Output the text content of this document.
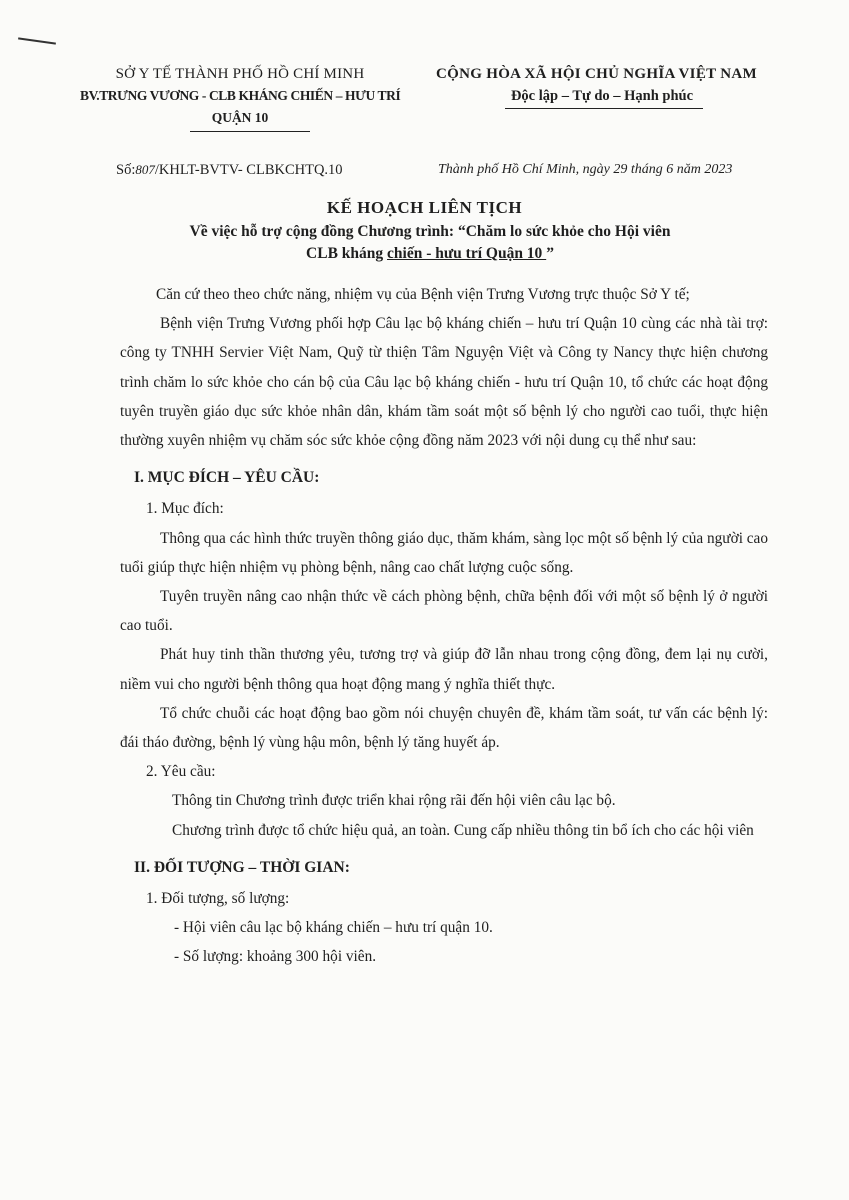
SỞ Y TẾ THÀNH PHỐ HỒ CHÍ MINH
BV.TRƯNG VƯƠNG - CLB KHÁNG CHIẾN – HƯU TRÍ
QUẬN 10
CỘNG HÒA XÃ HỘI CHỦ NGHĨA VIỆT NAM
Độc lập – Tự do – Hạnh phúc
Số:807/KHLT-BVTV- CLBKCHTQ.10	Thành phố Hồ Chí Minh, ngày 29 tháng 6 năm 2023
KẾ HOẠCH LIÊN TỊCH
Về việc hỗ trợ cộng đồng Chương trình: “Chăm lo sức khỏe cho Hội viên
CLB kháng chiến - hưu trí Quận 10 ”

Căn cứ theo theo chức năng, nhiệm vụ của Bệnh viện Trưng Vương trực thuộc Sở Y tế;

Bệnh viện Trưng Vương phối hợp Câu lạc bộ kháng chiến – hưu trí Quận 10 cùng các nhà tài trợ: công ty TNHH Servier Việt Nam, Quỹ từ thiện Tâm Nguyện Việt và Công ty Nancy thực hiện chương trình chăm lo sức khỏe cho cán bộ của Câu lạc bộ kháng chiến - hưu trí Quận 10, tổ chức các hoạt động tuyên truyền giáo dục sức khỏe nhân dân, khám tầm soát một số bệnh lý cho người cao tuổi, thực hiện thường xuyên nhiệm vụ chăm sóc sức khỏe cộng đồng năm 2023 với nội dung cụ thể như sau:

I. MỤC ĐÍCH – YÊU CẦU:

1. Mục đích:

Thông qua các hình thức truyền thông giáo dục, thăm khám, sàng lọc một số bệnh lý của người cao tuổi giúp thực hiện nhiệm vụ phòng bệnh, nâng cao chất lượng cuộc sống.

Tuyên truyền nâng cao nhận thức về cách phòng bệnh, chữa bệnh đối với một số bệnh lý ở người cao tuổi.

Phát huy tinh thần thương yêu, tương trợ và giúp đỡ lẫn nhau trong cộng đồng, đem lại nụ cười, niềm vui cho người bệnh thông qua hoạt động mang ý nghĩa thiết thực.

Tổ chức chuỗi các hoạt động bao gồm nói chuyện chuyên đề, khám tầm soát, tư vấn các bệnh lý: đái tháo đường, bệnh lý vùng hậu môn, bệnh lý tăng huyết áp.

2. Yêu cầu:

Thông tin Chương trình được triển khai rộng rãi đến hội viên câu lạc bộ.

Chương trình được tổ chức hiệu quả, an toàn. Cung cấp nhiều thông tin bổ ích cho các hội viên

II. ĐỐI TƯỢNG – THỜI GIAN:

1. Đối tượng, số lượng:

- Hội viên câu lạc bộ kháng chiến – hưu trí quận 10.

- Số lượng: khoảng 300 hội viên.
